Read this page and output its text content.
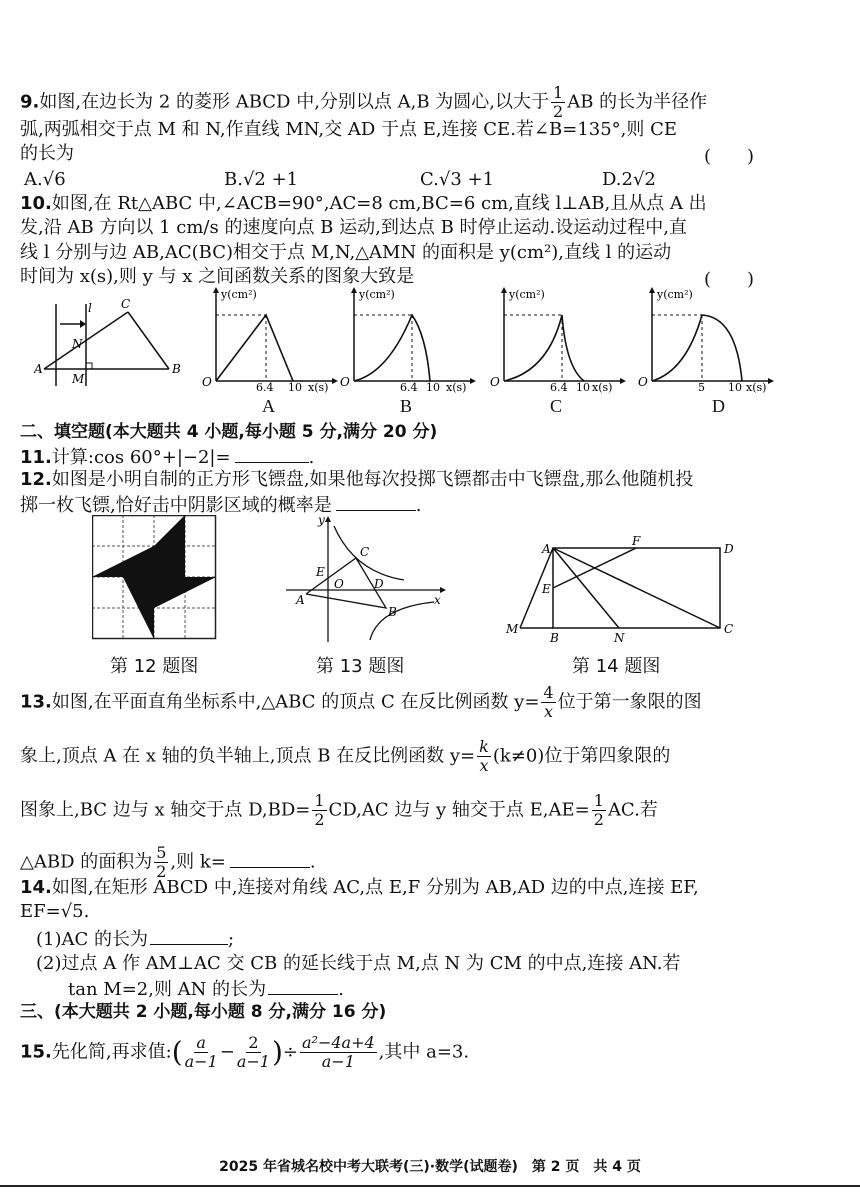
9.如图,在边长为 2 的菱形 ABCD 中,分别以点 A,B 为圆心,以大于 $\frac{1}{2}$ AB 的长为半径作
弧,两弧相交于点 M 和 N,作直线 MN,交 AD 于点 E,连接 CE.若∠B=135°,则 CE
的长为	(　　)
A.√6	B.√2 +1	C.√3 +1	D.2√2
10.如图,在 Rt△ABC 中,∠ACB=90°,AC=8 cm,BC=6 cm,直线 l⊥AB,且从点 A 出
发,沿 AB 方向以 1 cm/s 的速度向点 B 运动,到达点 B 时停止运动.设运动过程中,直
线 l 分别与边 AB,AC(BC)相交于点 M,N,△AMN 的面积是 y(cm²),直线 l 的运动
时间为 x(s),则 y 与 x 之间函数关系的图象大致是	(　　)
l C
N
A
M
B
y(cm²)
O	6.4 10 x(s)
A
y(cm²)
O	6.4 10 x(s)
B
y(cm²)
O	6.4 10 x(s)
C
y(cm²)
O	5 10 x(s)
D
二、填空题(本大题共 4 小题,每小题 5 分,满分 20 分)
11.计算:cos 60°+|−2|=	.
12.如图是小明自制的正方形飞镖盘,如果他每次投掷飞镖都击中飞镖盘,那么他随机投
掷一枚飞镖,恰好击中阴影区域的概率是	.
第 12 题图
y
x
C
E
O	D
A
B
第 13 题图
A
F
D
E
M
B	N
C
第 14 题图
13.如图,在平面直角坐标系中,△ABC 的顶点 C 在反比例函数 $y= \frac{4}{x}$ 位于第一象限的图
象上,顶点 A 在 x 轴的负半轴上,顶点 B 在反比例函数 $y= \frac{k}{x} (k\ne 0)$位于第四象限的
图象上,BC 边与 x 轴交于点 $D,BD= \frac{1}{2} CD,AC$ 边与 y 轴交于点 $E,AE= \frac{1}{2}$ AC.若
△ABD 的面积为 $\frac{5}{2}$ ,则 k=	.
14.如图,在矩形 ABCD 中,连接对角线 AC,点 E,F 分别为 AB,AD 边的中点,连接 EF,
EF=√5.
(1)AC 的长为	;
(2)过点 A 作 AM⊥AC 交 CB 的延长线于点 M,点 N 为 CM 的中点,连接 AN.若
tan M=2,则 AN 的长为	.
三、(本大题共 2 小题,每小题 8 分,满分 16 分)
15.先化简,再求值:( $\frac{a}{a-1} - \frac{2}{a-1}$ )÷ $\frac{\text{a²−4a+4}}{a-1}$ ,其中 a=3.
2025 年省城名校中考大联考(三)·数学(试题卷)　第 2 页　共 4 页
